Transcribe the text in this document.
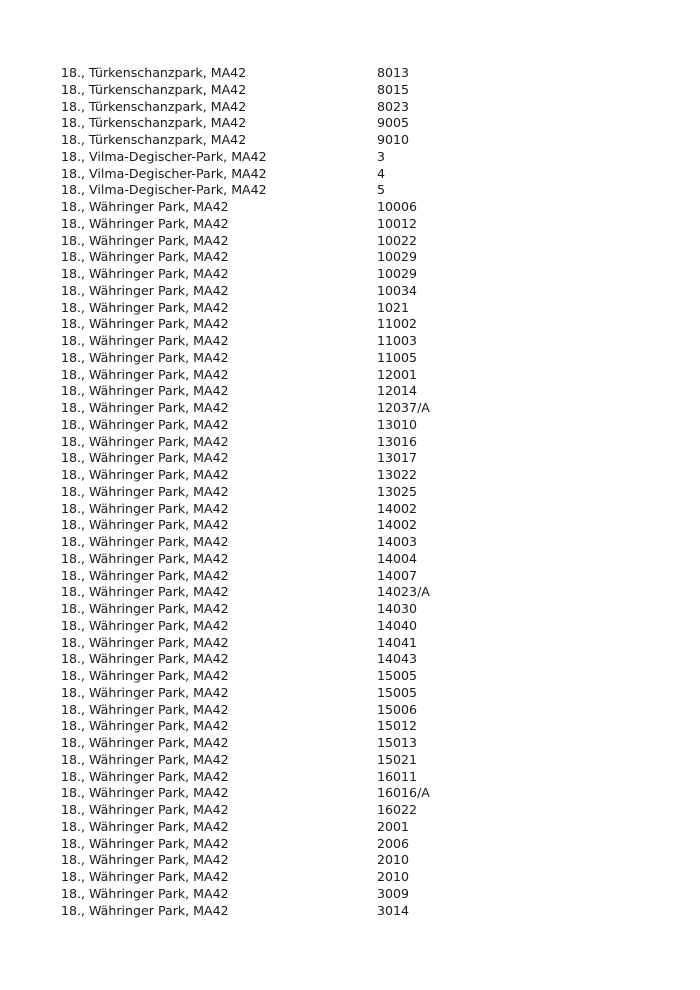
18., Türkenschanzpark, MA42	8013
18., Türkenschanzpark, MA42	8015
18., Türkenschanzpark, MA42	8023
18., Türkenschanzpark, MA42	9005
18., Türkenschanzpark, MA42	9010
18., Vilma-Degischer-Park, MA42	3
18., Vilma-Degischer-Park, MA42	4
18., Vilma-Degischer-Park, MA42	5
18., Währinger Park, MA42	10006
18., Währinger Park, MA42	10012
18., Währinger Park, MA42	10022
18., Währinger Park, MA42	10029
18., Währinger Park, MA42	10029
18., Währinger Park, MA42	10034
18., Währinger Park, MA42	1021
18., Währinger Park, MA42	11002
18., Währinger Park, MA42	11003
18., Währinger Park, MA42	11005
18., Währinger Park, MA42	12001
18., Währinger Park, MA42	12014
18., Währinger Park, MA42	12037/A
18., Währinger Park, MA42	13010
18., Währinger Park, MA42	13016
18., Währinger Park, MA42	13017
18., Währinger Park, MA42	13022
18., Währinger Park, MA42	13025
18., Währinger Park, MA42	14002
18., Währinger Park, MA42	14002
18., Währinger Park, MA42	14003
18., Währinger Park, MA42	14004
18., Währinger Park, MA42	14007
18., Währinger Park, MA42	14023/A
18., Währinger Park, MA42	14030
18., Währinger Park, MA42	14040
18., Währinger Park, MA42	14041
18., Währinger Park, MA42	14043
18., Währinger Park, MA42	15005
18., Währinger Park, MA42	15005
18., Währinger Park, MA42	15006
18., Währinger Park, MA42	15012
18., Währinger Park, MA42	15013
18., Währinger Park, MA42	15021
18., Währinger Park, MA42	16011
18., Währinger Park, MA42	16016/A
18., Währinger Park, MA42	16022
18., Währinger Park, MA42	2001
18., Währinger Park, MA42	2006
18., Währinger Park, MA42	2010
18., Währinger Park, MA42	2010
18., Währinger Park, MA42	3009
18., Währinger Park, MA42	3014
